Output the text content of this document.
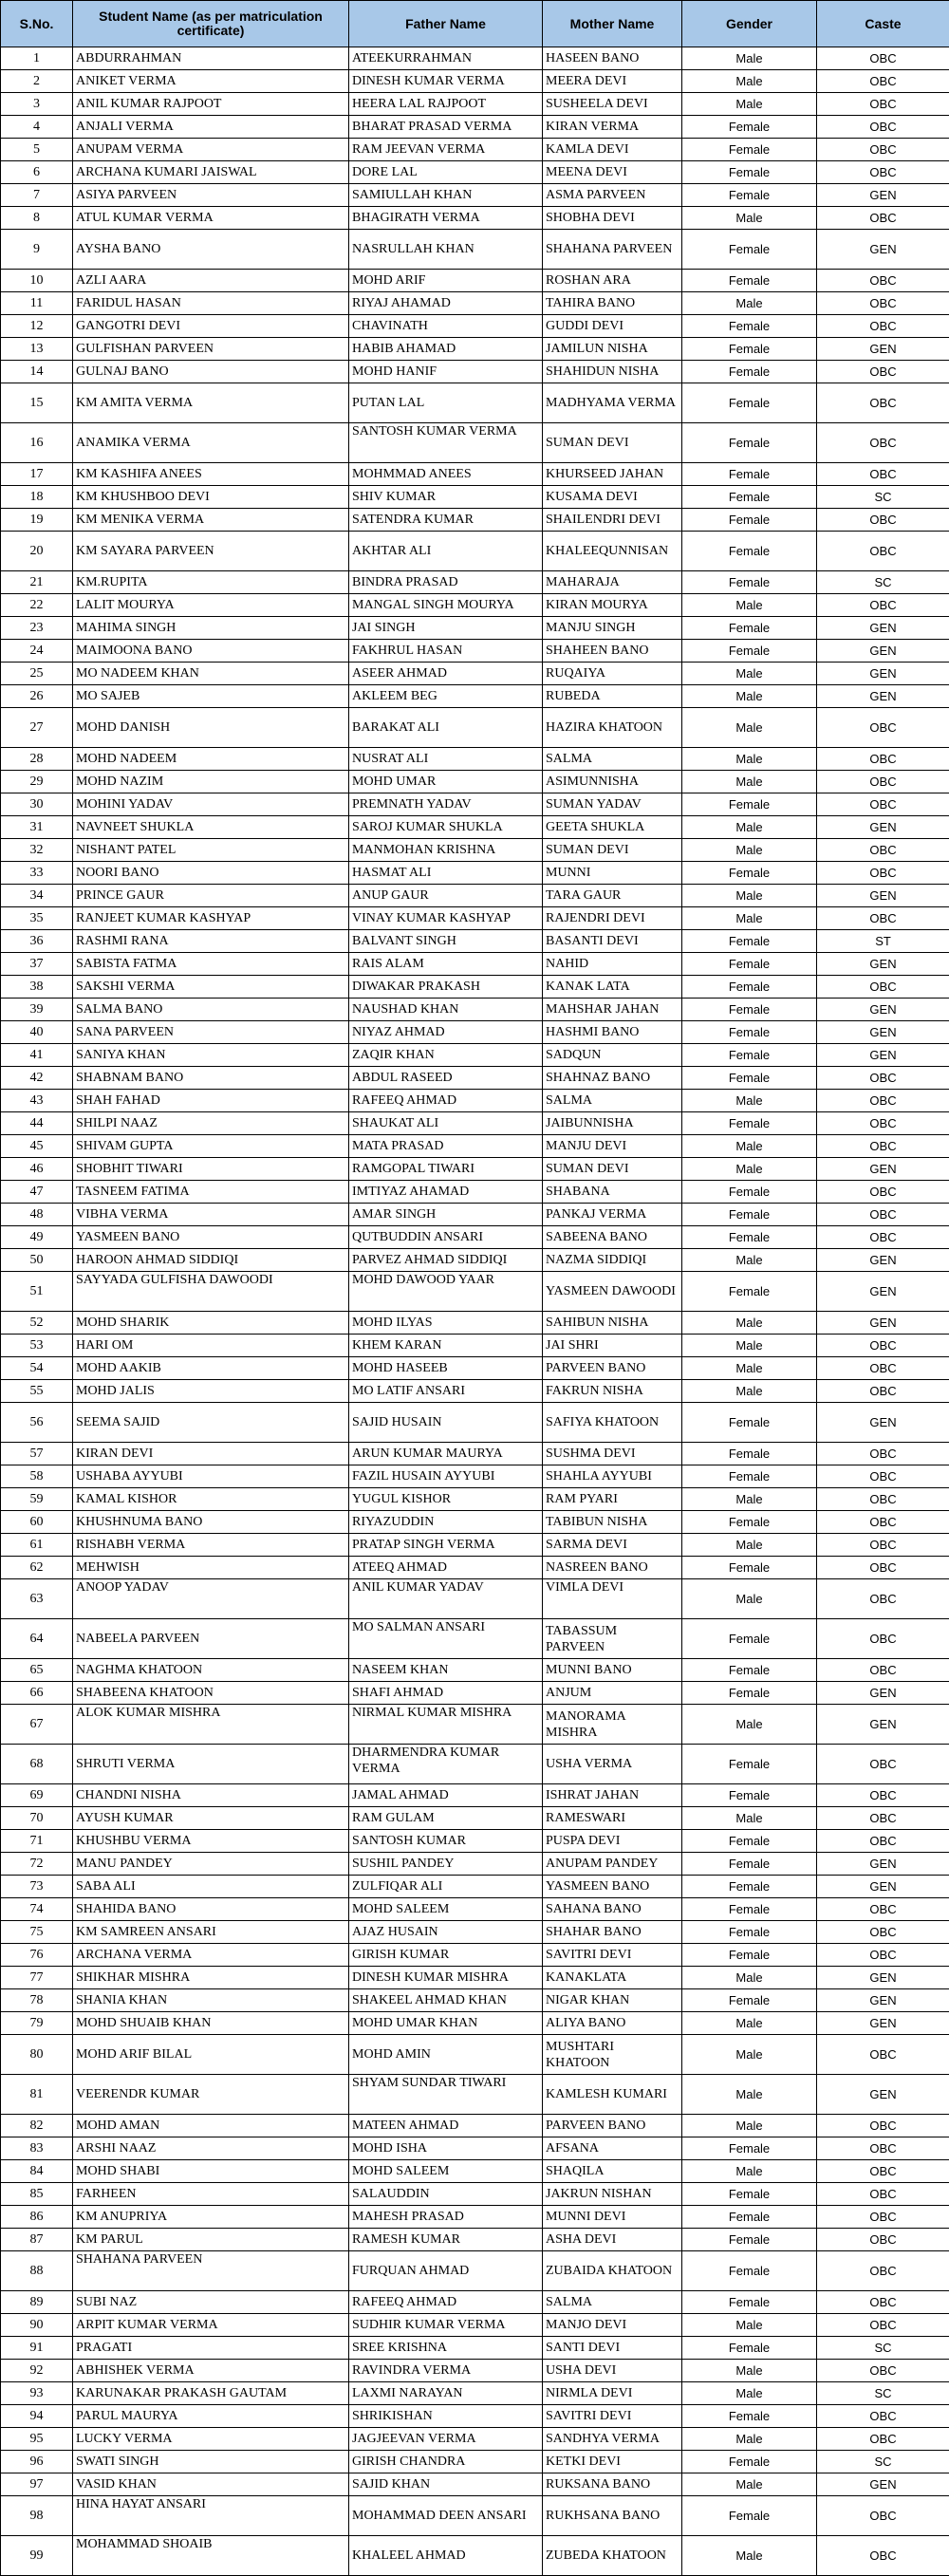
S.No.	Student Name (as per matriculation certificate)	Father Name	Mother Name	Gender	Caste
1	ABDURRAHMAN	ATEEKURRAHMAN	HASEEN BANO	Male	OBC
2	ANIKET VERMA	DINESH KUMAR VERMA	MEERA DEVI	Male	OBC
3	ANIL KUMAR RAJPOOT	HEERA LAL RAJPOOT	SUSHEELA DEVI	Male	OBC
4	ANJALI VERMA	BHARAT PRASAD VERMA	KIRAN VERMA	Female	OBC
5	ANUPAM VERMA	RAM JEEVAN VERMA	KAMLA DEVI	Female	OBC
6	ARCHANA KUMARI JAISWAL	DORE LAL	MEENA DEVI	Female	OBC
7	ASIYA PARVEEN	SAMIULLAH KHAN	ASMA PARVEEN	Female	GEN
8	ATUL KUMAR VERMA	BHAGIRATH VERMA	SHOBHA DEVI	Male	OBC
9	AYSHA BANO	NASRULLAH KHAN	SHAHANA PARVEEN	Female	GEN
10	AZLI AARA	MOHD ARIF	ROSHAN ARA	Female	OBC
11	FARIDUL HASAN	RIYAJ AHAMAD	TAHIRA BANO	Male	OBC
12	GANGOTRI DEVI	CHAVINATH	GUDDI DEVI	Female	OBC
13	GULFISHAN PARVEEN	HABIB AHAMAD	JAMILUN NISHA	Female	GEN
14	GULNAJ BANO	MOHD HANIF	SHAHIDUN NISHA	Female	OBC
15	KM AMITA VERMA	PUTAN LAL	MADHYAMA VERMA	Female	OBC
16	ANAMIKA VERMA	SANTOSH KUMAR VERMA	SUMAN DEVI	Female	OBC
17	KM KASHIFA ANEES	MOHMMAD ANEES	KHURSEED JAHAN	Female	OBC
18	KM KHUSHBOO DEVI	SHIV KUMAR	KUSAMA DEVI	Female	SC
19	KM MENIKA VERMA	SATENDRA KUMAR	SHAILENDRI DEVI	Female	OBC
20	KM SAYARA PARVEEN	AKHTAR ALI	KHALEEQUNNISAN	Female	OBC
21	KM.RUPITA	BINDRA PRASAD	MAHARAJA	Female	SC
22	LALIT MOURYA	MANGAL SINGH MOURYA	KIRAN MOURYA	Male	OBC
23	MAHIMA SINGH	JAI SINGH	MANJU SINGH	Female	GEN
24	MAIMOONA BANO	FAKHRUL HASAN	SHAHEEN BANO	Female	GEN
25	MO NADEEM KHAN	ASEER AHMAD	RUQAIYA	Male	GEN
26	MO SAJEB	AKLEEM BEG	RUBEDA	Male	GEN
27	MOHD DANISH	BARAKAT ALI	HAZIRA KHATOON	Male	OBC
28	MOHD NADEEM	NUSRAT ALI	SALMA	Male	OBC
29	MOHD NAZIM	MOHD UMAR	ASIMUNNISHA	Male	OBC
30	MOHINI YADAV	PREMNATH YADAV	SUMAN YADAV	Female	OBC
31	NAVNEET SHUKLA	SAROJ KUMAR SHUKLA	GEETA SHUKLA	Male	GEN
32	NISHANT PATEL	MANMOHAN KRISHNA	SUMAN DEVI	Male	OBC
33	NOORI BANO	HASMAT ALI	MUNNI	Female	OBC
34	PRINCE GAUR	ANUP GAUR	TARA GAUR	Male	GEN
35	RANJEET KUMAR KASHYAP	VINAY KUMAR KASHYAP	RAJENDRI DEVI	Male	OBC
36	RASHMI RANA	BALVANT SINGH	BASANTI DEVI	Female	ST
37	SABISTA FATMA	RAIS ALAM	NAHID	Female	GEN
38	SAKSHI VERMA	DIWAKAR PRAKASH	KANAK LATA	Female	OBC
39	SALMA BANO	NAUSHAD KHAN	MAHSHAR JAHAN	Female	GEN
40	SANA PARVEEN	NIYAZ AHMAD	HASHMI BANO	Female	GEN
41	SANIYA KHAN	ZAQIR KHAN	SADQUN	Female	GEN
42	SHABNAM BANO	ABDUL RASEED	SHAHNAZ BANO	Female	OBC
43	SHAH FAHAD	RAFEEQ AHMAD	SALMA	Male	OBC
44	SHILPI NAAZ	SHAUKAT ALI	JAIBUNNISHA	Female	OBC
45	SHIVAM GUPTA	MATA PRASAD	MANJU DEVI	Male	OBC
46	SHOBHIT TIWARI	RAMGOPAL TIWARI	SUMAN DEVI	Male	GEN
47	TASNEEM FATIMA	IMTIYAZ AHAMAD	SHABANA	Female	OBC
48	VIBHA VERMA	AMAR SINGH	PANKAJ VERMA	Female	OBC
49	YASMEEN BANO	QUTBUDDIN ANSARI	SABEENA BANO	Female	OBC
50	HAROON AHMAD SIDDIQI	PARVEZ AHMAD SIDDIQI	NAZMA SIDDIQI	Male	GEN
51	SAYYADA GULFISHA DAWOODI	MOHD DAWOOD YAAR	YASMEEN DAWOODI	Female	GEN
52	MOHD SHARIK	MOHD ILYAS	SAHIBUN NISHA	Male	GEN
53	HARI OM	KHEM KARAN	JAI SHRI	Male	OBC
54	MOHD AAKIB	MOHD HASEEB	PARVEEN BANO	Male	OBC
55	MOHD JALIS	MO LATIF ANSARI	FAKRUN NISHA	Male	OBC
56	SEEMA SAJID	SAJID HUSAIN	SAFIYA KHATOON	Female	GEN
57	KIRAN DEVI	ARUN KUMAR MAURYA	SUSHMA DEVI	Female	OBC
58	USHABA AYYUBI	FAZIL HUSAIN AYYUBI	SHAHLA AYYUBI	Female	OBC
59	KAMAL KISHOR	YUGUL KISHOR	RAM PYARI	Male	OBC
60	KHUSHNUMA BANO	RIYAZUDDIN	TABIBUN NISHA	Female	OBC
61	RISHABH VERMA	PRATAP SINGH VERMA	SARMA DEVI	Male	OBC
62	MEHWISH	ATEEQ AHMAD	NASREEN BANO	Female	OBC
63	ANOOP YADAV	ANIL KUMAR YADAV	VIMLA DEVI	Male	OBC
64	NABEELA PARVEEN	MO SALMAN ANSARI	TABASSUM PARVEEN	Female	OBC
65	NAGHMA KHATOON	NASEEM KHAN	MUNNI BANO	Female	OBC
66	SHABEENA KHATOON	SHAFI AHMAD	ANJUM	Female	GEN
67	ALOK KUMAR MISHRA	NIRMAL KUMAR MISHRA	MANORAMA MISHRA	Male	GEN
68	SHRUTI VERMA	DHARMENDRA KUMAR VERMA	USHA VERMA	Female	OBC
69	CHANDNI NISHA	JAMAL AHMAD	ISHRAT JAHAN	Female	OBC
70	AYUSH KUMAR	RAM GULAM	RAMESWARI	Male	OBC
71	KHUSHBU VERMA	SANTOSH KUMAR	PUSPA DEVI	Female	OBC
72	MANU PANDEY	SUSHIL PANDEY	ANUPAM PANDEY	Female	GEN
73	SABA ALI	ZULFIQAR ALI	YASMEEN BANO	Female	GEN
74	SHAHIDA BANO	MOHD SALEEM	SAHANA BANO	Female	OBC
75	KM SAMREEN ANSARI	AJAZ HUSAIN	SHAHAR BANO	Female	OBC
76	ARCHANA VERMA	GIRISH KUMAR	SAVITRI DEVI	Female	OBC
77	SHIKHAR MISHRA	DINESH KUMAR MISHRA	KANAKLATA	Male	GEN
78	SHANIA KHAN	SHAKEEL AHMAD KHAN	NIGAR KHAN	Female	GEN
79	MOHD SHUAIB KHAN	MOHD UMAR KHAN	ALIYA BANO	Male	GEN
80	MOHD ARIF BILAL	MOHD AMIN	MUSHTARI KHATOON	Male	OBC
81	VEERENDR KUMAR	SHYAM SUNDAR TIWARI	KAMLESH KUMARI	Male	GEN
82	MOHD AMAN	MATEEN AHMAD	PARVEEN BANO	Male	OBC
83	ARSHI NAAZ	MOHD ISHA	AFSANA	Female	OBC
84	MOHD SHABI	MOHD SALEEM	SHAQILA	Male	OBC
85	FARHEEN	SALAUDDIN	JAKRUN NISHAN	Female	OBC
86	KM ANUPRIYA	MAHESH PRASAD	MUNNI DEVI	Female	OBC
87	KM PARUL	RAMESH KUMAR	ASHA DEVI	Female	OBC
88	SHAHANA PARVEEN	FURQUAN AHMAD	ZUBAIDA KHATOON	Female	OBC
89	SUBI NAZ	RAFEEQ AHMAD	SALMA	Female	OBC
90	ARPIT KUMAR VERMA	SUDHIR KUMAR VERMA	MANJO DEVI	Male	OBC
91	PRAGATI	SREE KRISHNA	SANTI DEVI	Female	SC
92	ABHISHEK VERMA	RAVINDRA VERMA	USHA DEVI	Male	OBC
93	KARUNAKAR PRAKASH GAUTAM	LAXMI NARAYAN	NIRMLA DEVI	Male	SC
94	PARUL MAURYA	SHRIKISHAN	SAVITRI DEVI	Female	OBC
95	LUCKY VERMA	JAGJEEVAN VERMA	SANDHYA VERMA	Male	OBC
96	SWATI SINGH	GIRISH CHANDRA	KETKI DEVI	Female	SC
97	VASID KHAN	SAJID KHAN	RUKSANA BANO	Male	GEN
98	HINA HAYAT ANSARI	MOHAMMAD DEEN ANSARI	RUKHSANA BANO	Female	OBC
99	MOHAMMAD SHOAIB	KHALEEL AHMAD	ZUBEDA KHATOON	Male	OBC
